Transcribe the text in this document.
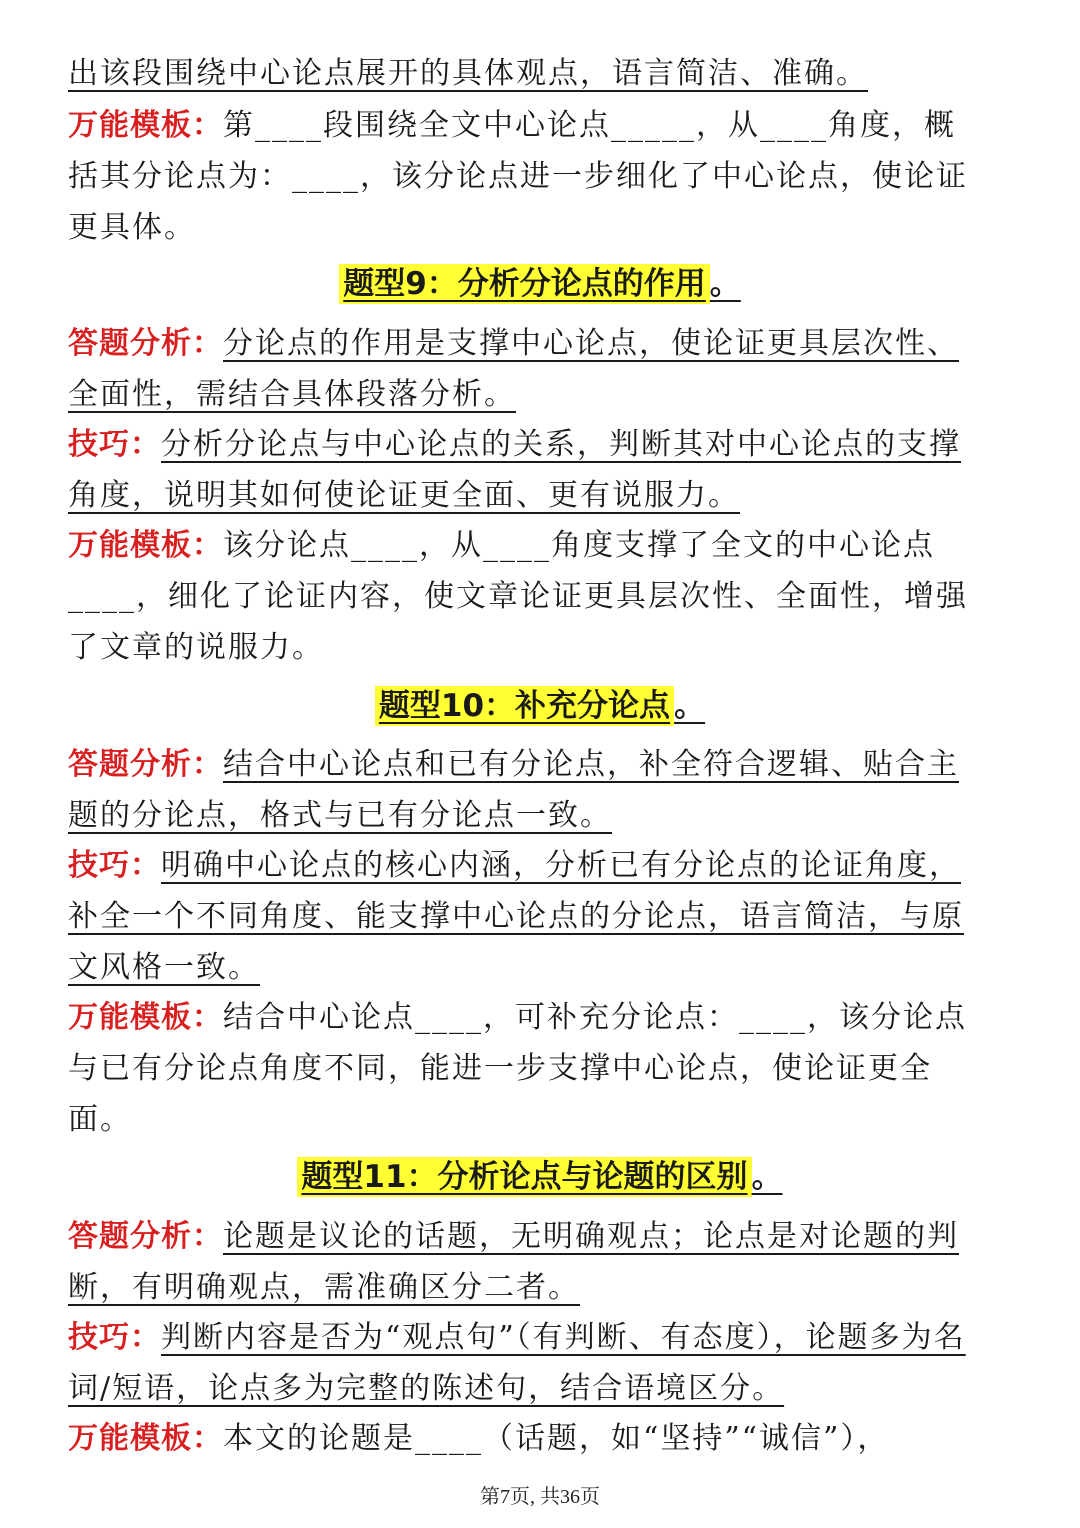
出该段围绕中心论点展开的具体观点，语言简洁、准确。

万能模板：第____段围绕全文中心论点_____，从____角度，概括其分论点为：____，该分论点进一步细化了中心论点，使论证更具体。

题型9：分析分论点的作用 。

答题分析：分论点的作用是支撑中心论点，使论证更具层次性、全面性，需结合具体段落分析。

技巧：分析分论点与中心论点的关系，判断其对中心论点的支撑角度，说明其如何使论证更全面、更有说服力。

万能模板：该分论点____，从____角度支撑了全文的中心论点____，细化了论证内容，使文章论证更具层次性、全面性，增强了文章的说服力。

题型10：补充分论点 。

答题分析：结合中心论点和已有分论点，补全符合逻辑、贴合主题的分论点，格式与已有分论点一致。

技巧：明确中心论点的核心内涵，分析已有分论点的论证角度，补全一个不同角度、能支撑中心论点的分论点，语言简洁，与原文风格一致。

万能模板：结合中心论点____，可补充分论点：____，该分论点与已有分论点角度不同，能进一步支撑中心论点，使论证更全面。

题型11：分析论点与论题的区别 。

答题分析：论题是议论的话题，无明确观点；论点是对论题的判断，有明确观点，需准确区分二者。

技巧：判断内容是否为“观点句”（有判断、有态度），论题多为名词/短语，论点多为完整的陈述句，结合语境区分。

万能模板：本文的论题是____（话题，如“坚持”“诚信”），

第7页, 共36页
